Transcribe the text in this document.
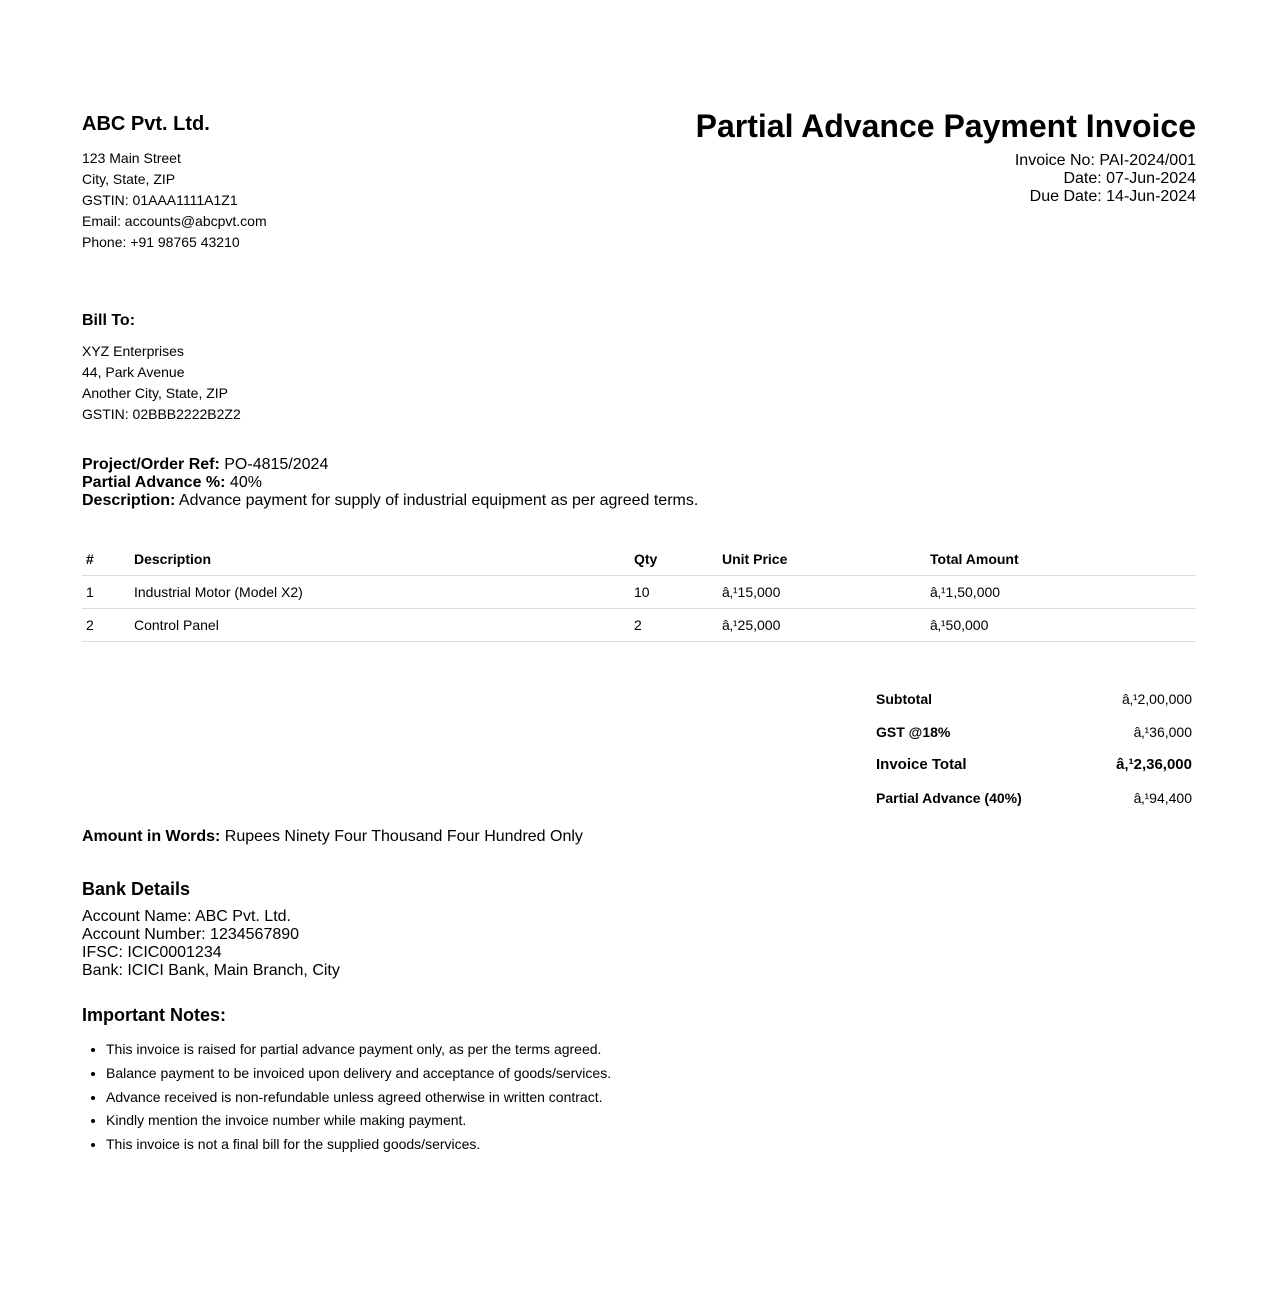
ABC Pvt. Ltd.
123 Main Street
City, State, ZIP
GSTIN: 01AAA1111A1Z1
Email: accounts@abcpvt.com
Phone: +91 98765 43210
Partial Advance Payment Invoice
Invoice No: PAI-2024/001
Date: 07-Jun-2024
Due Date: 14-Jun-2024
Bill To:
XYZ Enterprises
44, Park Avenue
Another City, State, ZIP
GSTIN: 02BBB2222B2Z2
Project/Order Ref: PO-4815/2024
Partial Advance %: 40%
Description: Advance payment for supply of industrial equipment as per agreed terms.
#	Description	Qty	Unit Price	Total Amount
1	Industrial Motor (Model X2)	10	â‚¹15,000	â‚¹1,50,000
2	Control Panel	2	â‚¹25,000	â‚¹50,000
Subtotal	â‚¹2,00,000
GST @18%	â‚¹36,000
Invoice Total	â‚¹2,36,000
Partial Advance (40%)	â‚¹94,400
Amount in Words: Rupees Ninety Four Thousand Four Hundred Only
Bank Details
Account Name: ABC Pvt. Ltd.
Account Number: 1234567890
IFSC: ICIC0001234
Bank: ICICI Bank, Main Branch, City
Important Notes:
• This invoice is raised for partial advance payment only, as per the terms agreed.
• Balance payment to be invoiced upon delivery and acceptance of goods/services.
• Advance received is non-refundable unless agreed otherwise in written contract.
• Kindly mention the invoice number while making payment.
• This invoice is not a final bill for the supplied goods/services.
